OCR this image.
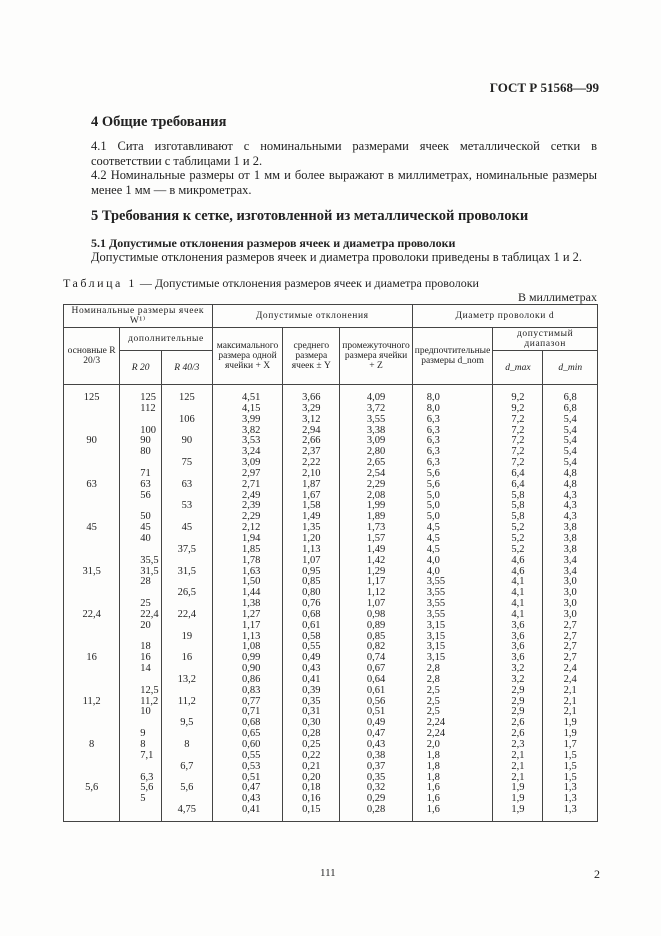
ГОСТ Р 51568—99
4 Общие требования
4.1 Сита изготавливают с номинальными размерами ячеек металлической сетки в соответствии с таблицами 1 и 2.
4.2 Номинальные размеры от 1 мм и более выражают в миллиметрах, номинальные размеры менее 1 мм — в микрометрах.
5 Требования к сетке, изготовленной из металлической проволоки
5.1 Допустимые отклонения размеров ячеек и диаметра проволоки
Допустимые отклонения размеров ячеек и диаметра проволоки приведены в таблицах 1 и 2.
Таблица 1 — Допустимые отклонения размеров ячеек и диаметра проволоки
В миллиметрах
Номинальные размеры ячеек W¹⁾			Допустимые отклонения			Диаметр проволоки d		
основные R 20/3	дополнительные		максимального размера одной ячейки + X	среднего размера ячеек ± Y	промежуточного размера ячейки + Z	предпочтительные размеры d_nom	допустимый диапазон	
	R 20	R 40/3					d_max	d_min
125	125	125	4,51	3,66	4,09	8,0	9,2	6,8
	112		4,15	3,29	3,72	8,0	9,2	6,8
		106	3,99	3,12	3,55	6,3	7,2	5,4
	100		3,82	2,94	3,38	6,3	7,2	5,4
90	90	90	3,53	2,66	3,09	6,3	7,2	5,4
	80		3,24	2,37	2,80	6,3	7,2	5,4
		75	3,09	2,22	2,65	6,3	7,2	5,4
	71		2,97	2,10	2,54	5,6	6,4	4,8
63	63	63	2,71	1,87	2,29	5,6	6,4	4,8
	56		2,49	1,67	2,08	5,0	5,8	4,3
		53	2,39	1,58	1,99	5,0	5,8	4,3
	50		2,29	1,49	1,89	5,0	5,8	4,3
45	45	45	2,12	1,35	1,73	4,5	5,2	3,8
	40		1,94	1,20	1,57	4,5	5,2	3,8
		37,5	1,85	1,13	1,49	4,5	5,2	3,8
	35,5		1,78	1,07	1,42	4,0	4,6	3,4
31,5	31,5	31,5	1,63	0,95	1,29	4,0	4,6	3,4
	28		1,50	0,85	1,17	3,55	4,1	3,0
		26,5	1,44	0,80	1,12	3,55	4,1	3,0
	25		1,38	0,76	1,07	3,55	4,1	3,0
22,4	22,4	22,4	1,27	0,68	0,98	3,55	4,1	3,0
	20		1,17	0,61	0,89	3,15	3,6	2,7
		19	1,13	0,58	0,85	3,15	3,6	2,7
	18		1,08	0,55	0,82	3,15	3,6	2,7
16	16	16	0,99	0,49	0,74	3,15	3,6	2,7
	14		0,90	0,43	0,67	2,8	3,2	2,4
		13,2	0,86	0,41	0,64	2,8	3,2	2,4
	12,5		0,83	0,39	0,61	2,5	2,9	2,1
11,2	11,2	11,2	0,77	0,35	0,56	2,5	2,9	2,1
	10		0,71	0,31	0,51	2,5	2,9	2,1
		9,5	0,68	0,30	0,49	2,24	2,6	1,9
	9		0,65	0,28	0,47	2,24	2,6	1,9
8	8	8	0,60	0,25	0,43	2,0	2,3	1,7
	7,1		0,55	0,22	0,38	1,8	2,1	1,5
		6,7	0,53	0,21	0,37	1,8	2,1	1,5
	6,3		0,51	0,20	0,35	1,8	2,1	1,5
5,6	5,6	5,6	0,47	0,18	0,32	1,6	1,9	1,3
	5		0,43	0,16	0,29	1,6	1,9	1,3
		4,75	0,41	0,15	0,28	1,6	1,9	1,3
111	2
